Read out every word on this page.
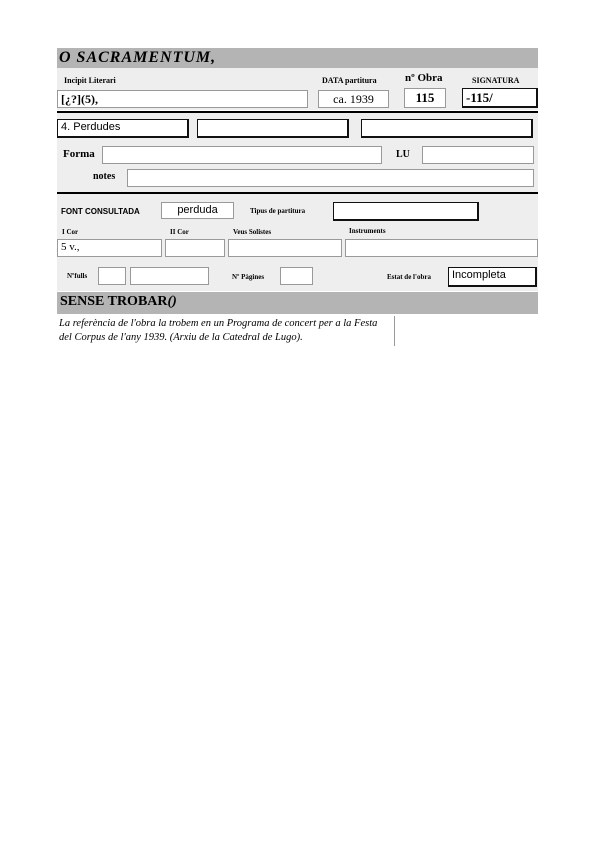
O SACRAMENTUM,
Incipit Literari	DATA partitura	nº Obra	SIGNATURA
[¿?](5),	ca. 1939	115	-115/
4. Perdudes
Forma	LU
notes
FONT CONSULTADA	perduda	Tipus de partitura
I Cor	II Cor	Veus Solistes	Instruments
5 v.,
Nºfulls	Nº Pàgines	Estat de l'obra	Incompleta
SENSE TROBAR()
La referència de l'obra la trobem en un Programa de concert per a la Festa del Corpus de l'any 1939. (Arxiu de la Catedral de Lugo).
